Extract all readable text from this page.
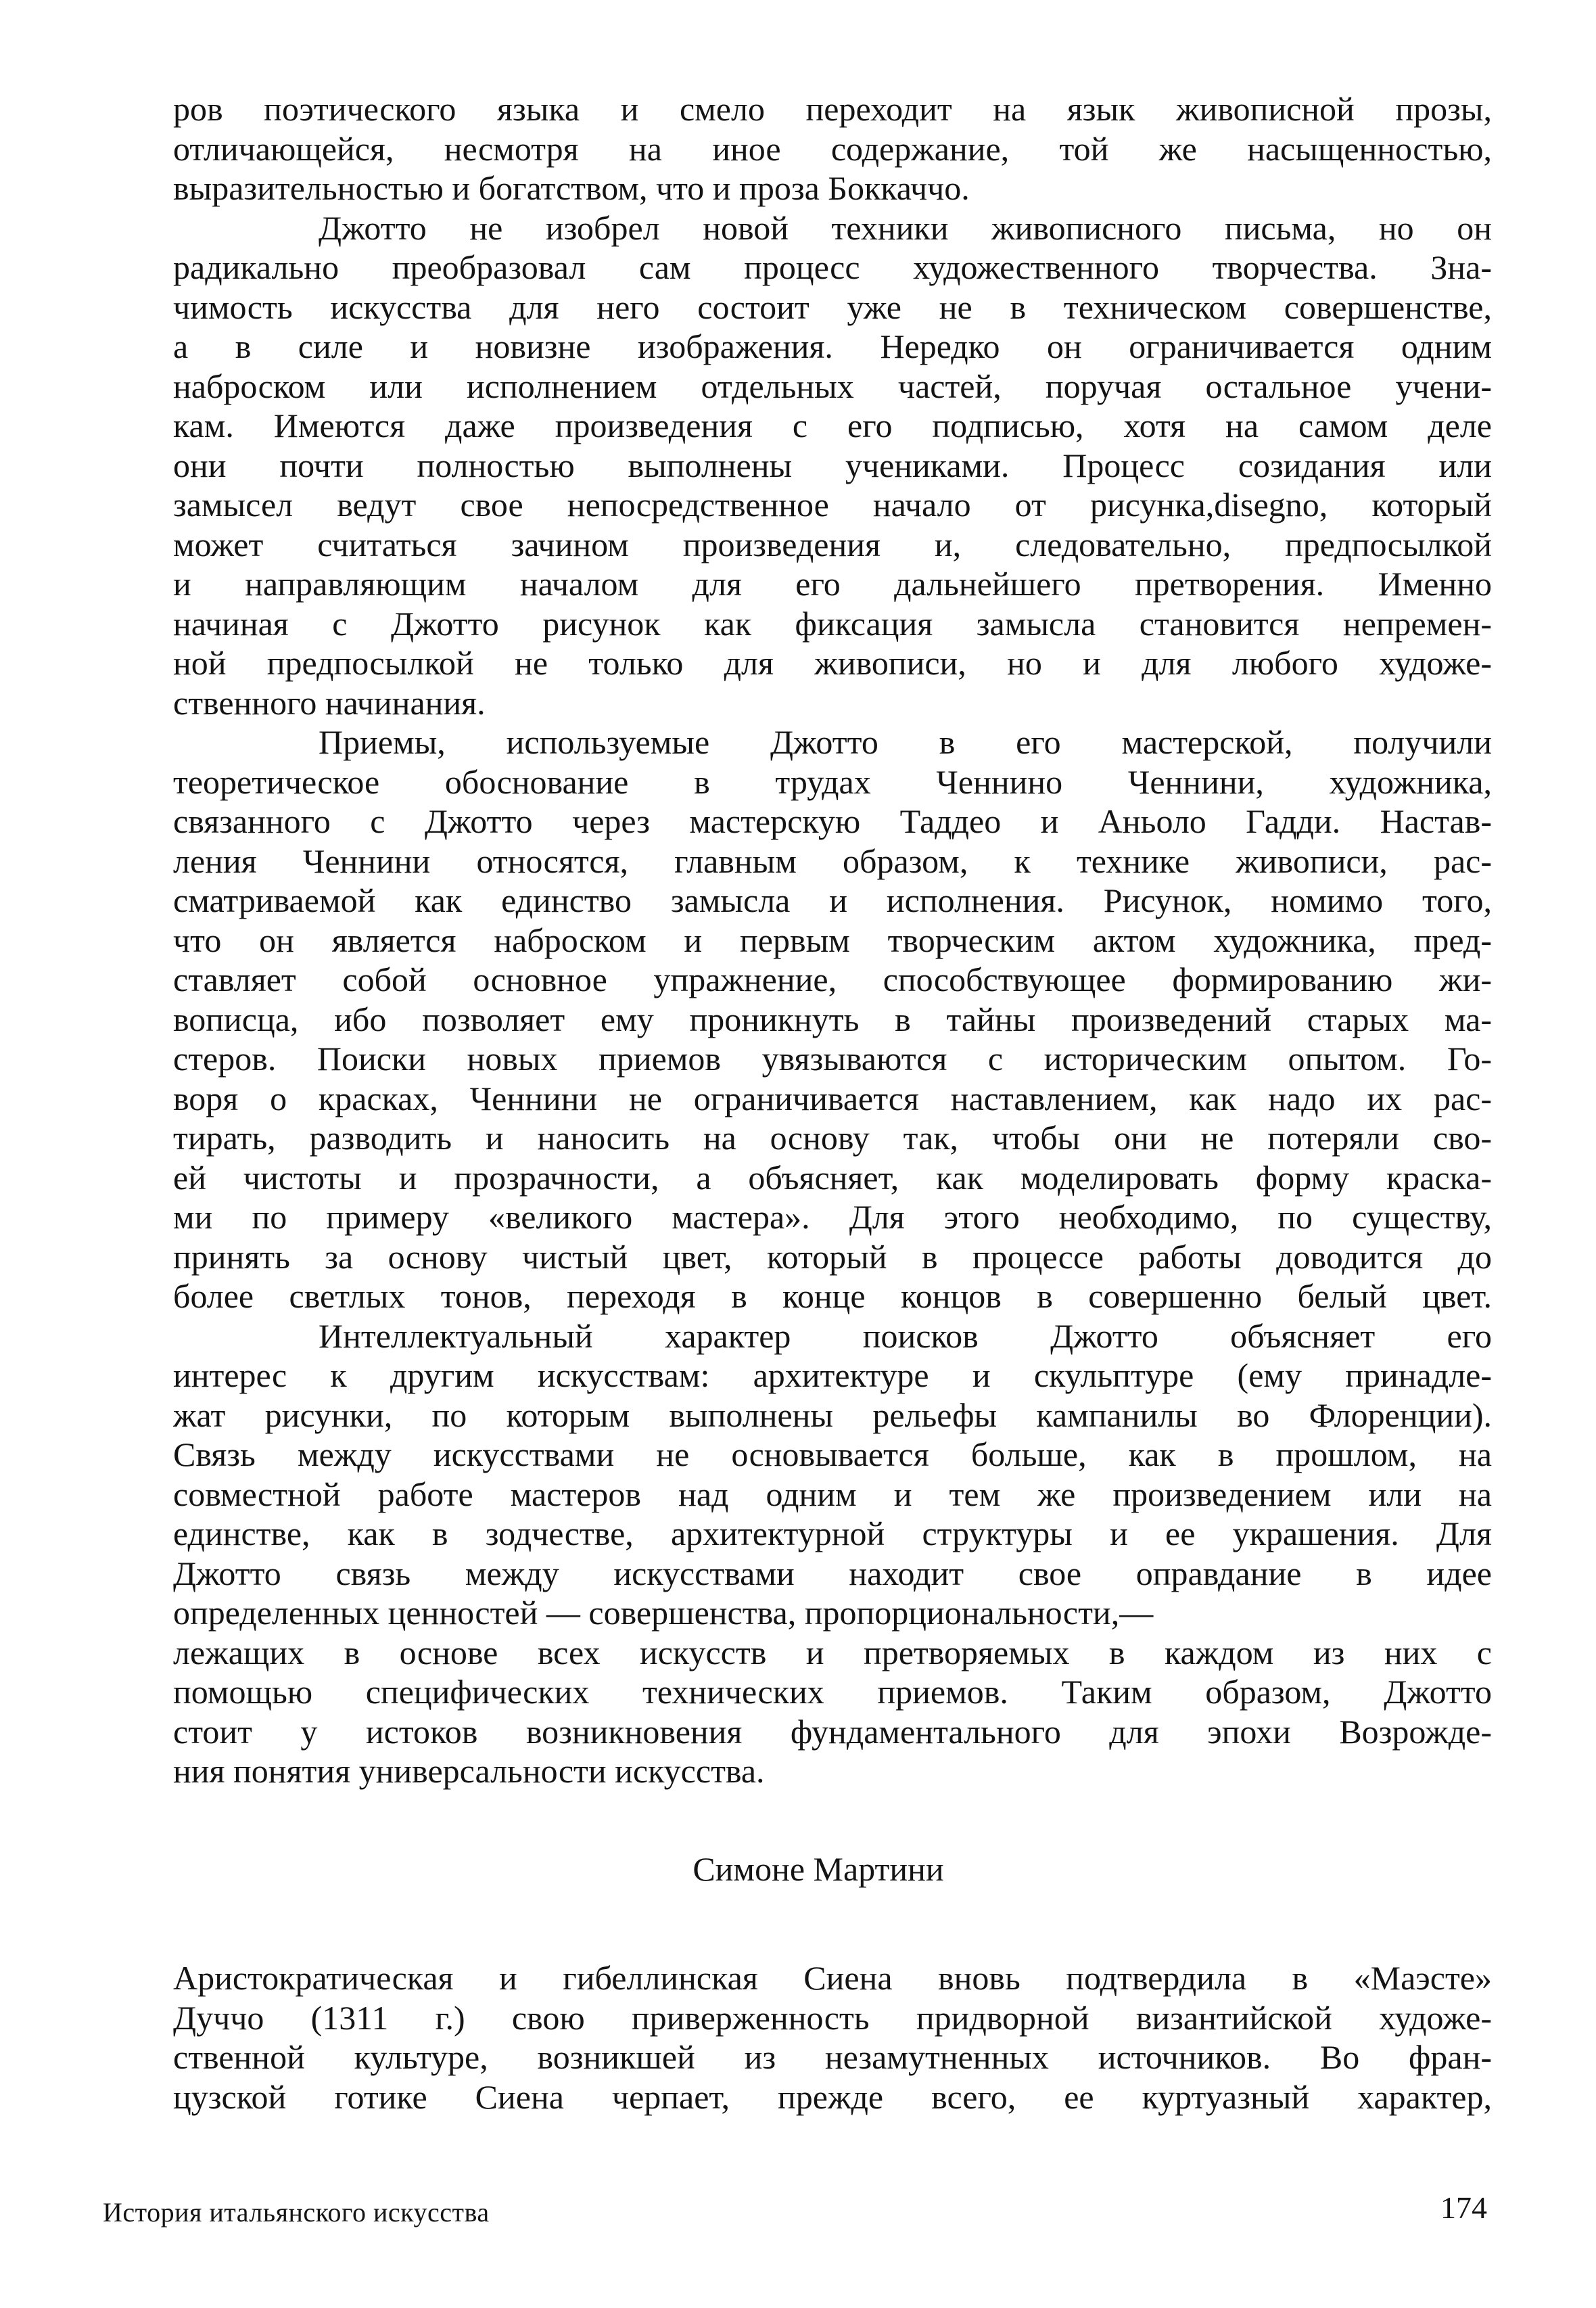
ров поэтического языка и смело переходит на язык живописной прозы,
отличающейся, несмотря на иное содержание, той же насыщенностью,
выразительностью и богатством, что и проза Боккаччо.
Джотто не изобрел новой техники живописного письма, но он
радикально преобразовал сам процесс художественного творчества. Зна-
чимость искусства для него состоит уже не в техническом совершенстве,
а в силе и новизне изображения. Нередко он ограничивается одним
наброском или исполнением отдельных частей, поручая остальное учени-
кам. Имеются даже произведения с его подписью, хотя на самом деле
они почти полностью выполнены учениками. Процесс созидания или
замысел ведут свое непосредственное начало от рисунка,disegno, который
может считаться зачином произведения и, следовательно, предпосылкой
и направляющим началом для его дальнейшего претворения. Именно
начиная с Джотто рисунок как фиксация замысла становится непремен-
ной предпосылкой не только для живописи, но и для любого художе-
ственного начинания.
Приемы, используемые Джотто в его мастерской, получили
теоретическое обоснование в трудах Ченнино Ченнини, художника,
связанного с Джотто через мастерскую Таддео и Аньоло Гадди. Настав-
ления Ченнини относятся, главным образом, к технике живописи, рас-
сматриваемой как единство замысла и исполнения. Рисунок, номимо того,
что он является наброском и первым творческим актом художника, пред-
ставляет собой основное упражнение, способствующее формированию жи-
вописца, ибо позволяет ему проникнуть в тайны произведений старых ма-
стеров. Поиски новых приемов увязываются с историческим опытом. Го-
воря о красках, Ченнини не ограничивается наставлением, как надо их рас-
тирать, разводить и наносить на основу так, чтобы они не потеряли сво-
ей чистоты и прозрачности, а объясняет, как моделировать форму краска-
ми по примеру «великого мастера». Для этого необходимо, по существу,
принять за основу чистый цвет, который в процессе работы доводится до
более светлых тонов, переходя в конце концов в совершенно белый цвет.
Интеллектуальный характер поисков Джотто объясняет его
интерес к другим искусствам: архитектуре и скульптуре (ему принадле-
жат рисунки, по которым выполнены рельефы кампанилы во Флоренции).
Связь между искусствами не основывается больше, как в прошлом, на
совместной работе мастеров над одним и тем же произведением или на
единстве, как в зодчестве, архитектурной структуры и ее украшения. Для
Джотто связь между искусствами находит свое оправдание в идее
определенных ценностей — совершенства, пропорциональности,—
лежащих в основе всех искусств и претворяемых в каждом из них с
помощью специфических технических приемов. Таким образом, Джотто
стоит у истоков возникновения фундаментального для эпохи Возрожде-
ния понятия универсальности искусства.
Симоне Мартини
Аристократическая и гибеллинская Сиена вновь подтвердила в «Маэсте»
Дуччо (1311 г.) свою приверженность придворной византийской художе-
ственной культуре, возникшей из незамутненных источников. Во фран-
цузской готике Сиена черпает, прежде всего, ее куртуазный характер,
История итальянского искусства	174
